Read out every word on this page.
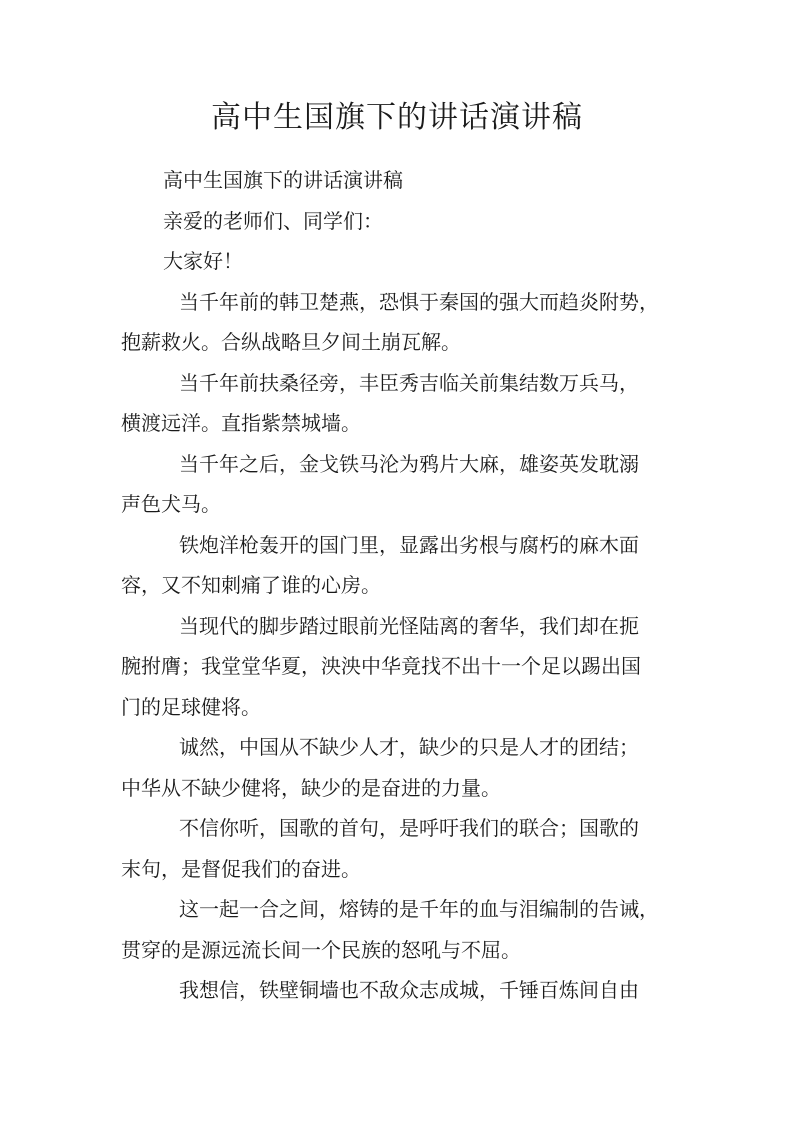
高中生国旗下的讲话演讲稿
高中生国旗下的讲话演讲稿
亲爱的老师们、同学们：
大家好！
当千年前的韩卫楚燕，恐惧于秦国的强大而趋炎附势，
抱薪救火。合纵战略旦夕间土崩瓦解。
当千年前扶桑径旁，丰臣秀吉临关前集结数万兵马，
横渡远洋。直指紫禁城墙。
当千年之后，金戈铁马沦为鸦片大麻，雄姿英发耽溺
声色犬马。
铁炮洋枪轰开的国门里，显露出劣根与腐朽的麻木面
容，又不知刺痛了谁的心房。
当现代的脚步踏过眼前光怪陆离的奢华，我们却在扼
腕拊膺；我堂堂华夏，泱泱中华竟找不出十一个足以踢出国
门的足球健将。
诚然，中国从不缺少人才，缺少的只是人才的团结；
中华从不缺少健将，缺少的是奋进的力量。
不信你听，国歌的首句，是呼吁我们的联合；国歌的
末句，是督促我们的奋进。
这一起一合之间，熔铸的是千年的血与泪编制的告诫，
贯穿的是源远流长间一个民族的怒吼与不屈。
我想信，铁壁铜墙也不敌众志成城，千锤百炼间自由
